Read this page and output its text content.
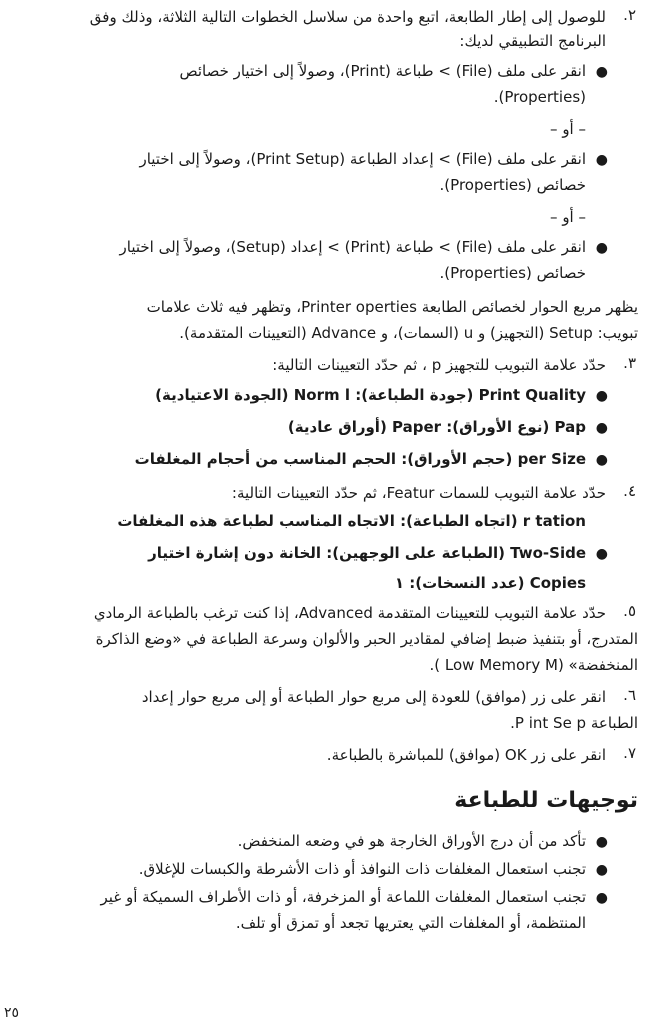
٢.
للوصول إلى إطار الطابعة، اتبع واحدة من سلاسل الخطوات التالية الثلاثة، وذلك وفق
البرنامج التطبيقي لديك:
●
انقر على ملف (File) > طباعة (Print)، وصولاً إلى اختيار خصائص
(Properties).
– أو –
●
انقر على ملف (File) > إعداد الطباعة (Print Setup)، وصولاً إلى اختيار
خصائص (Properties).
– أو –
●
انقر على ملف (File) > طباعة (Print) > إعداد (Setup)، وصولاً إلى اختيار
خصائص (Properties).
يظهر مربع الحوار لخصائص الطابعة Printer operties، وتظهر فيه ثلاث علامات
تبويب: Setup (التجهيز) و u (السمات)، و Advance (التعيينات المتقدمة).
٣.
حدّد علامة التبويب للتجهيز p ، ثم حدّد التعيينات التالية:
●
Print Quality (جودة الطباعة): Norm l (الجودة الاعتيادية)
●
Pap (نوع الأوراق): Paper (أوراق عادية)
●
per Size (حجم الأوراق): الحجم المناسب من أحجام المغلفات
٤.
حدّد علامة التبويب للسمات Featur، ثم حدّد التعيينات التالية:
r tation (اتجاه الطباعة): الاتجاه المناسب لطباعة هذه المغلفات
●
Two-Side (الطباعة على الوجهين): الخانة دون إشارة اختيار
Copies (عدد النسخات): ١
٥.
حدّد علامة التبويب للتعيينات المتقدمة Advanced، إذا كنت ترغب بالطباعة الرمادي
المتدرج، أو بتنفيذ ضبط إضافي لمقادير الحبر والألوان وسرعة الطباعة في «وضع الذاكرة
المنخفضة» (Low Memory M ).
٦.
انقر على زر (موافق) للعودة إلى مربع حوار الطباعة أو إلى مربع حوار إعداد
الطباعة P int Se p.
٧.
انقر على زر OK (موافق) للمباشرة بالطباعة.
توجيهات للطباعة
●
تأكد من أن درج الأوراق الخارجة هو في وضعه المنخفض.
●
تجنب استعمال المغلفات ذات النوافذ أو ذات الأشرطة والكبسات للإغلاق.
●
تجنب استعمال المغلفات اللماعة أو المزخرفة، أو ذات الأطراف السميكة أو غير
المنتظمة، أو المغلفات التي يعتريها تجعد أو تمزق أو تلف.
٢٥
